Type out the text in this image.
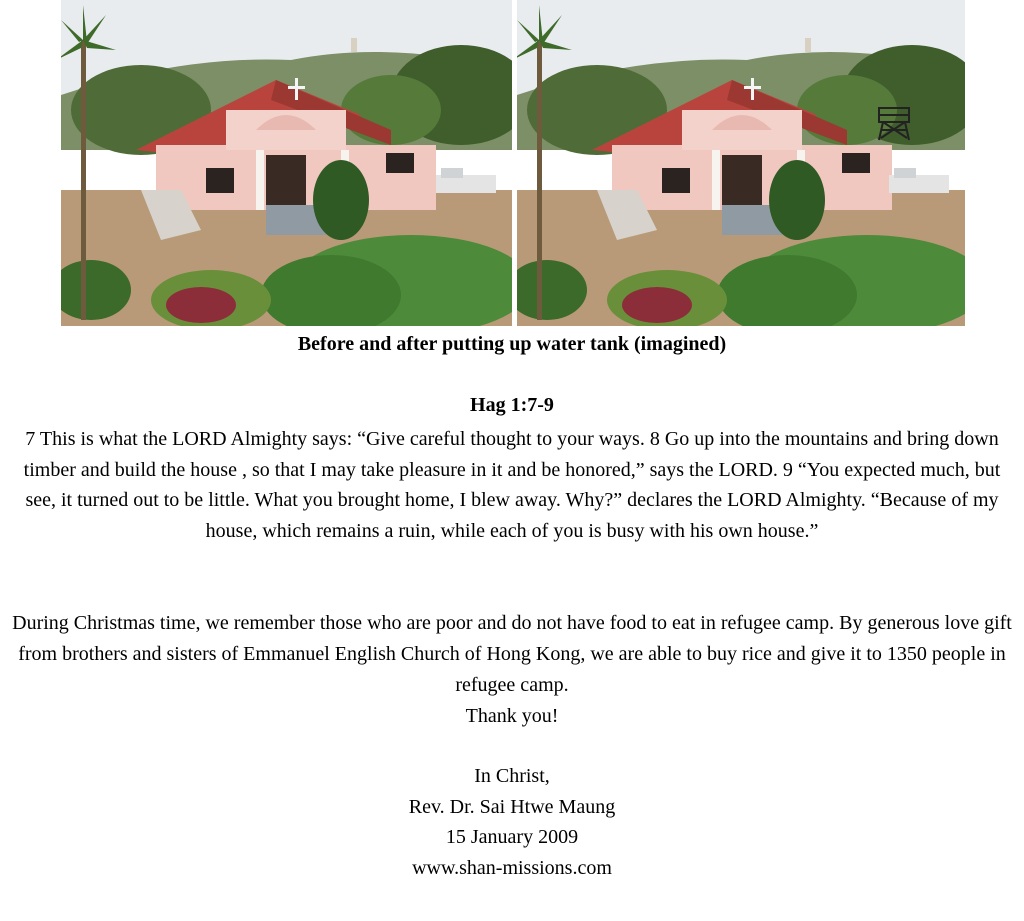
Before and after putting up water tank (imagined)
Hag 1:7-9
7 This is what the LORD Almighty says: “Give careful thought to your ways. 8 Go up into the mountains and bring down timber and build the house , so that I may take pleasure in it and be honored,” says the LORD. 9 “You expected much, but see, it turned out to be little. What you brought home, I blew away. Why?” declares the LORD Almighty. “Because of my house, which remains a ruin, while each of you is busy with his own house.”
During Christmas time, we remember those who are poor and do not have food to eat in refugee camp. By generous love gift from brothers and sisters of Emmanuel English Church of Hong Kong, we are able to buy rice and give it to 1350 people in refugee camp.
Thank you!
In Christ,
Rev. Dr. Sai Htwe Maung
15 January 2009
www.shan-missions.com
